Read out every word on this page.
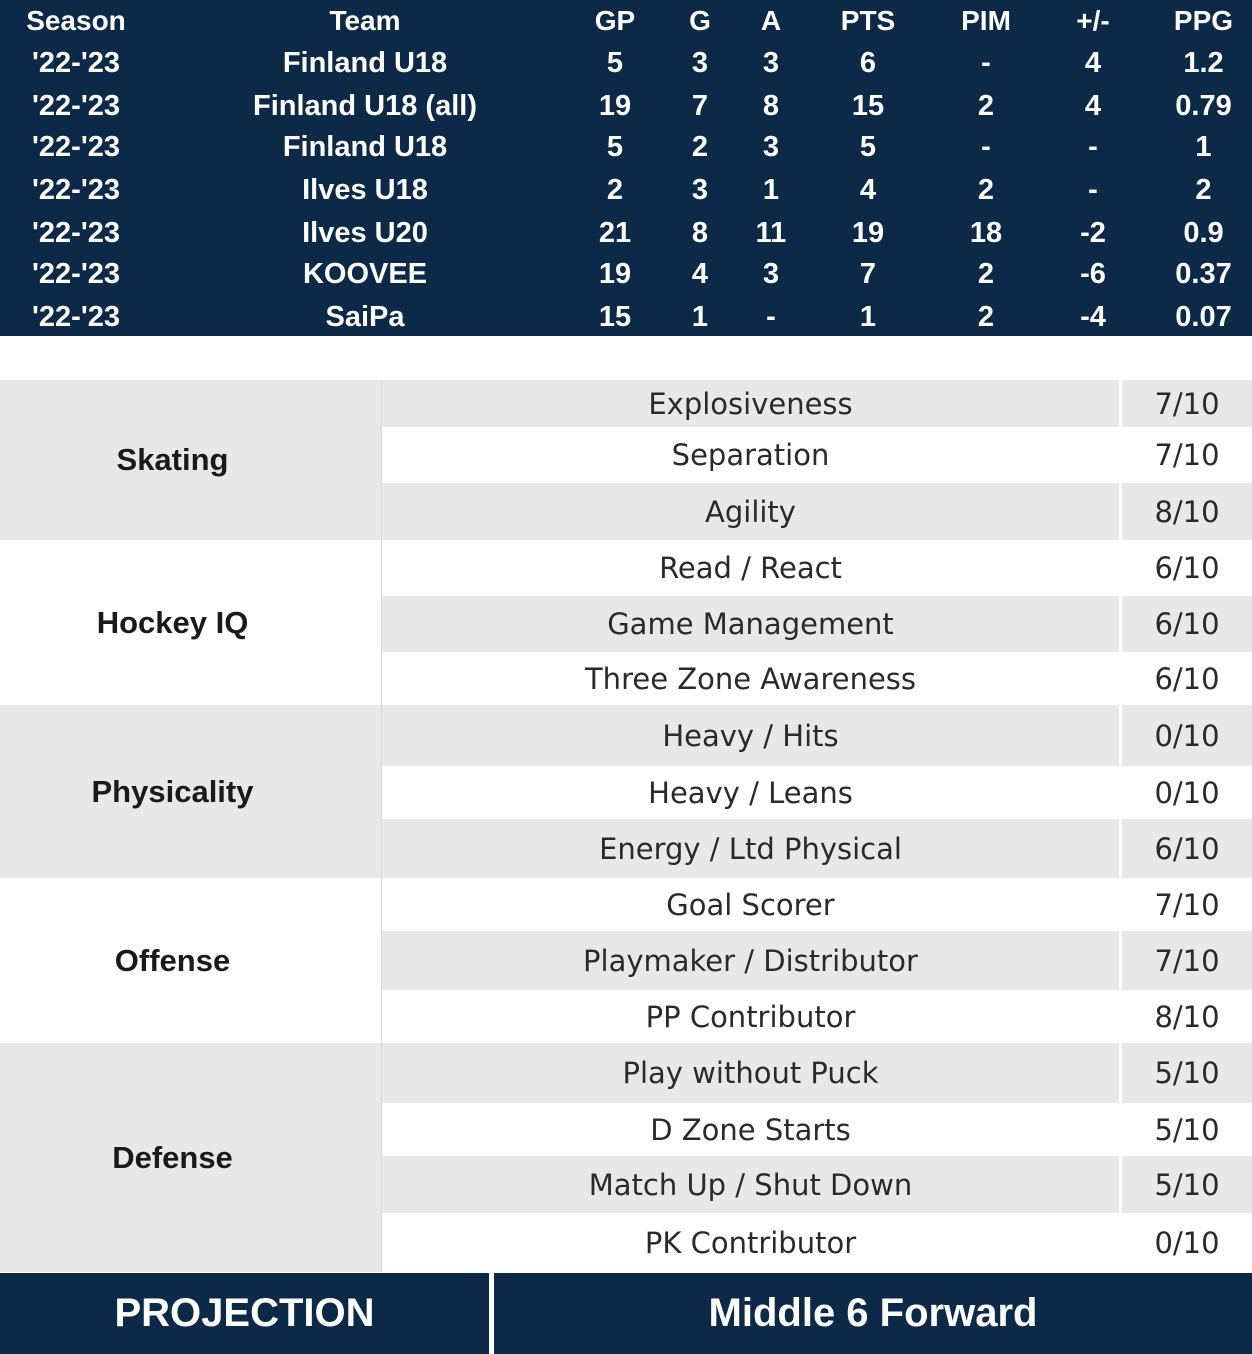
Season	Team	GP	G	A	PTS	PIM	+/-	PPG
'22-'23	Finland U18	5	3	3	6	-	4	1.2
'22-'23	Finland U18 (all)	19	7	8	15	2	4	0.79
'22-'23	Finland U18	5	2	3	5	-	-	1
'22-'23	Ilves U18	2	3	1	4	2	-	2
'22-'23	Ilves U20	21	8	11	19	18	-2	0.9
'22-'23	KOOVEE	19	4	3	7	2	-6	0.37
'22-'23	SaiPa	15	1	-	1	2	-4	0.07
Skating
Explosiveness	7/10
Separation	7/10
Agility	8/10
Hockey IQ
Read / React	6/10
Game Management	6/10
Three Zone Awareness	6/10
Physicality
Heavy / Hits	0/10
Heavy / Leans	0/10
Energy / Ltd Physical	6/10
Offense
Goal Scorer	7/10
Playmaker / Distributor	7/10
PP Contributor	8/10
Defense
Play without Puck	5/10
D Zone Starts	5/10
Match Up / Shut Down	5/10
PK Contributor	0/10
PROJECTION	Middle 6 Forward
